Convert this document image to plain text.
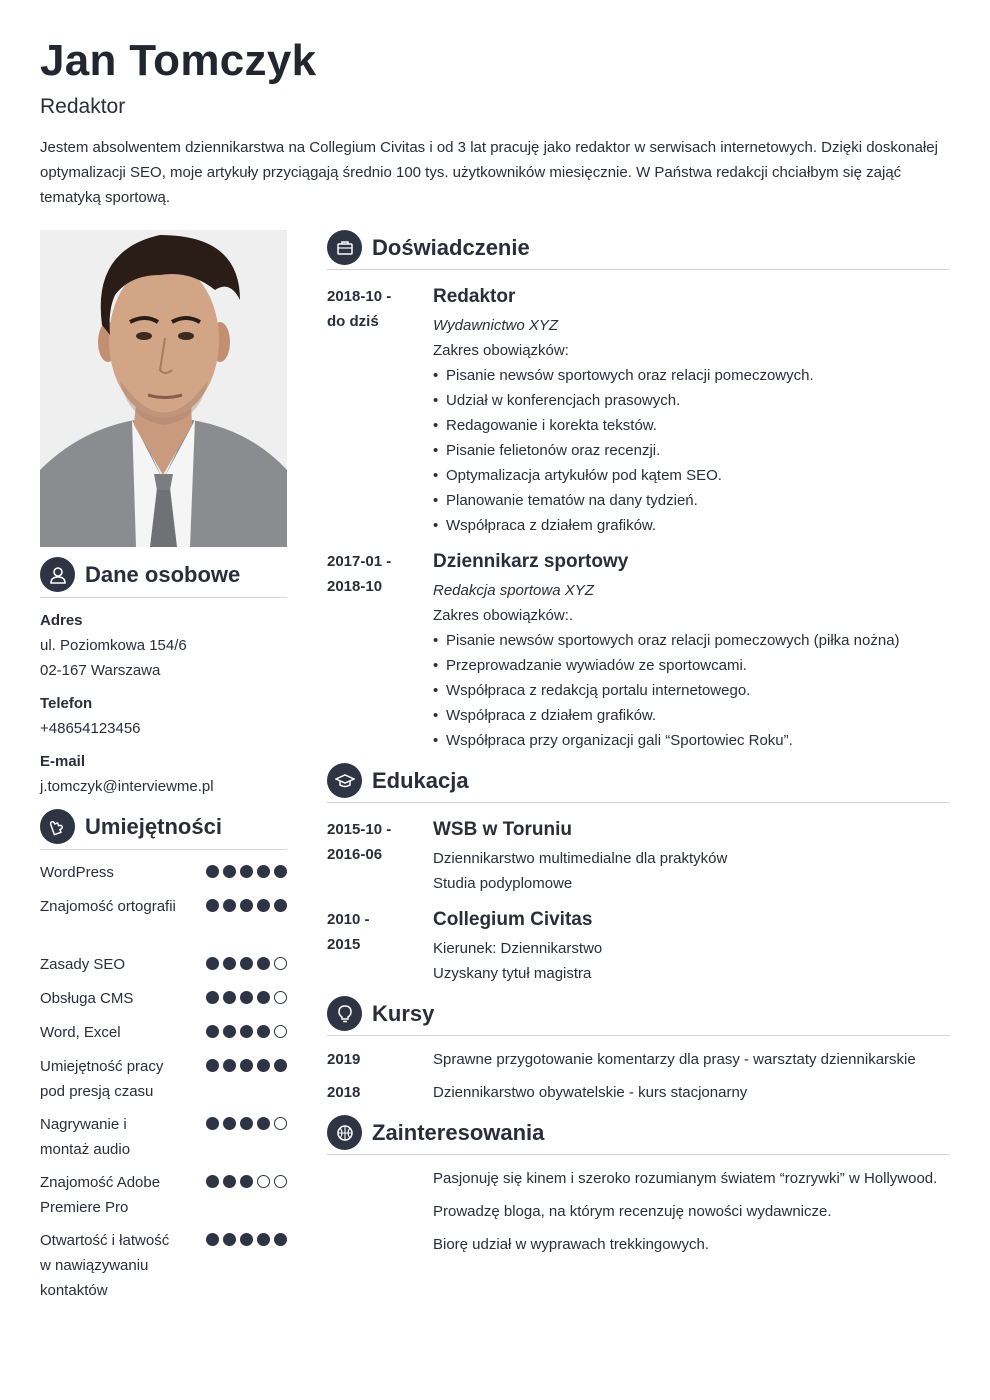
Jan Tomczyk
Redaktor
Jestem absolwentem dziennikarstwa na Collegium Civitas i od 3 lat pracuję jako redaktor w serwisach internetowych. Dzięki doskonałej optymalizacji SEO, moje artykuły przyciągają średnio 100 tys. użytkowników miesięcznie. W Państwa redakcji chciałbym się zająć tematyką sportową.
Dane osobowe
Adres
ul. Poziomkowa 154/6
02-167 Warszawa
Telefon
+48654123456
E-mail
j.tomczyk@interviewme.pl
Umiejętności
WordPress
Znajomość ortografii
Zasady SEO
Obsługa CMS
Word, Excel
Umiejętność pracy pod presją czasu
Nagrywanie i montaż audio
Znajomość Adobe Premiere Pro
Otwartość i łatwość w nawiązywaniu kontaktów
Doświadczenie
2018-10 -
do dziś
Redaktor
Wydawnictwo XYZ
Zakres obowiązków:
• Pisanie newsów sportowych oraz relacji pomeczowych.
• Udział w konferencjach prasowych.
• Redagowanie i korekta tekstów.
• Pisanie felietonów oraz recenzji.
• Optymalizacja artykułów pod kątem SEO.
• Planowanie tematów na dany tydzień.
• Współpraca z działem grafików.
2017-01 -
2018-10
Dziennikarz sportowy
Redakcja sportowa XYZ
Zakres obowiązków:.
• Pisanie newsów sportowych oraz relacji pomeczowych (piłka nożna)
• Przeprowadzanie wywiadów ze sportowcami.
• Współpraca z redakcją portalu internetowego.
• Współpraca z działem grafików.
• Współpraca przy organizacji gali “Sportowiec Roku”.
Edukacja
2015-10 -
2016-06
WSB w Toruniu
Dziennikarstwo multimedialne dla praktyków
Studia podyplomowe
2010 -
2015
Collegium Civitas
Kierunek: Dziennikarstwo
Uzyskany tytuł magistra
Kursy
2019	Sprawne przygotowanie komentarzy dla prasy - warsztaty dziennikarskie
2018	Dziennikarstwo obywatelskie - kurs stacjonarny
Zainteresowania
Pasjonuję się kinem i szeroko rozumianym światem “rozrywki” w Hollywood.
Prowadzę bloga, na którym recenzuję nowości wydawnicze.
Biorę udział w wyprawach trekkingowych.
